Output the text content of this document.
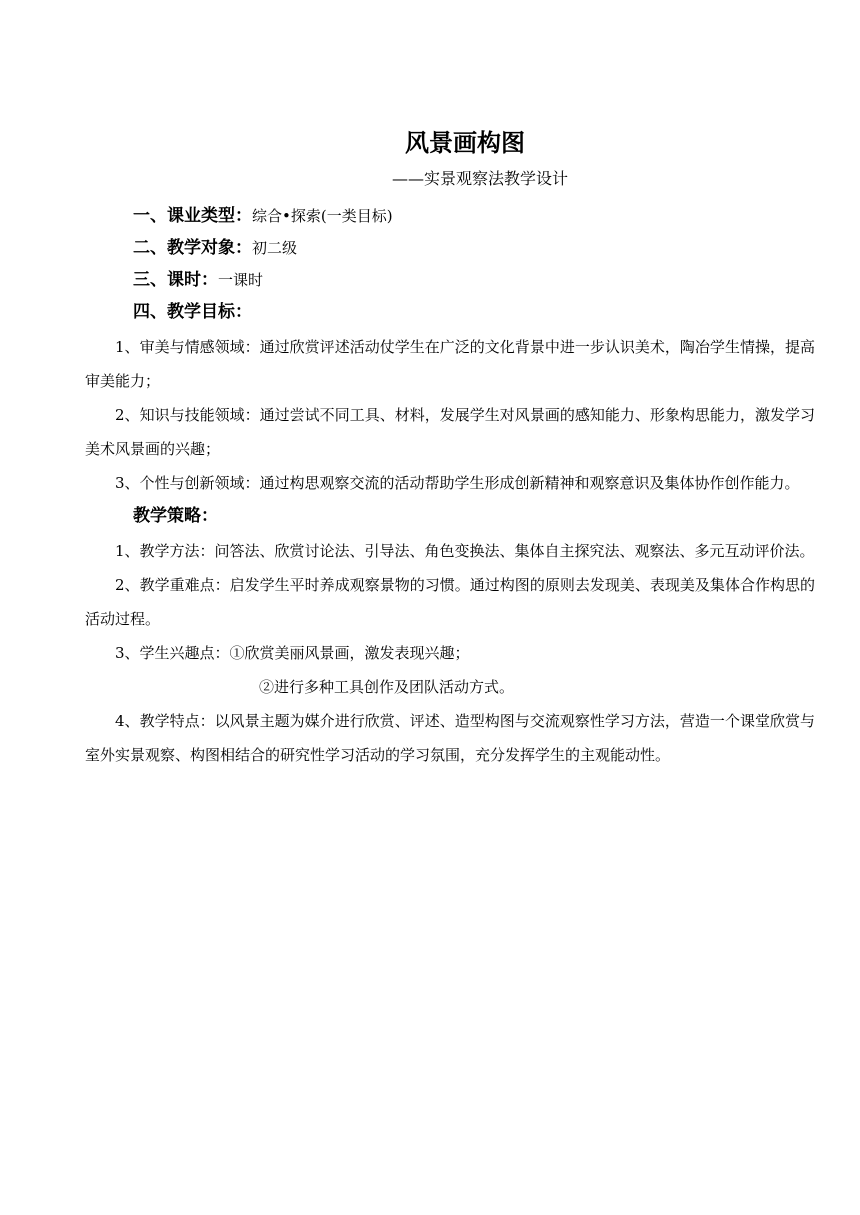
风景画构图
——实景观察法教学设计
一、课业类型：综合•探索(一类目标)
二、教学对象：初二级
三、课时：一课时
四、教学目标：

1、审美与情感领域：通过欣赏评述活动仗学生在广泛的文化背景中进一步认识美术，陶冶学生情操，提高审美能力；

2、知识与技能领域：通过尝试不同工具、材料，发展学生对风景画的感知能力、形象构思能力，激发学习美术风景画的兴趣；

3、个性与创新领域：通过构思观察交流的活动帮助学生形成创新精神和观察意识及集体协作创作能力。

教学策略：

1、教学方法：问答法、欣赏讨论法、引导法、角色变换法、集体自主探究法、观察法、多元互动评价法。

2、教学重难点：启发学生平时养成观察景物的习惯。通过构图的原则去发现美、表现美及集体合作构思的活动过程。

3、学生兴趣点：①欣赏美丽风景画，激发表现兴趣；

②进行多种工具创作及团队活动方式。

4、教学特点：以风景主题为媒介进行欣赏、评述、造型构图与交流观察性学习方法，营造一个课堂欣赏与室外实景观察、构图相结合的研究性学习活动的学习氛围，充分发挥学生的主观能动性。
